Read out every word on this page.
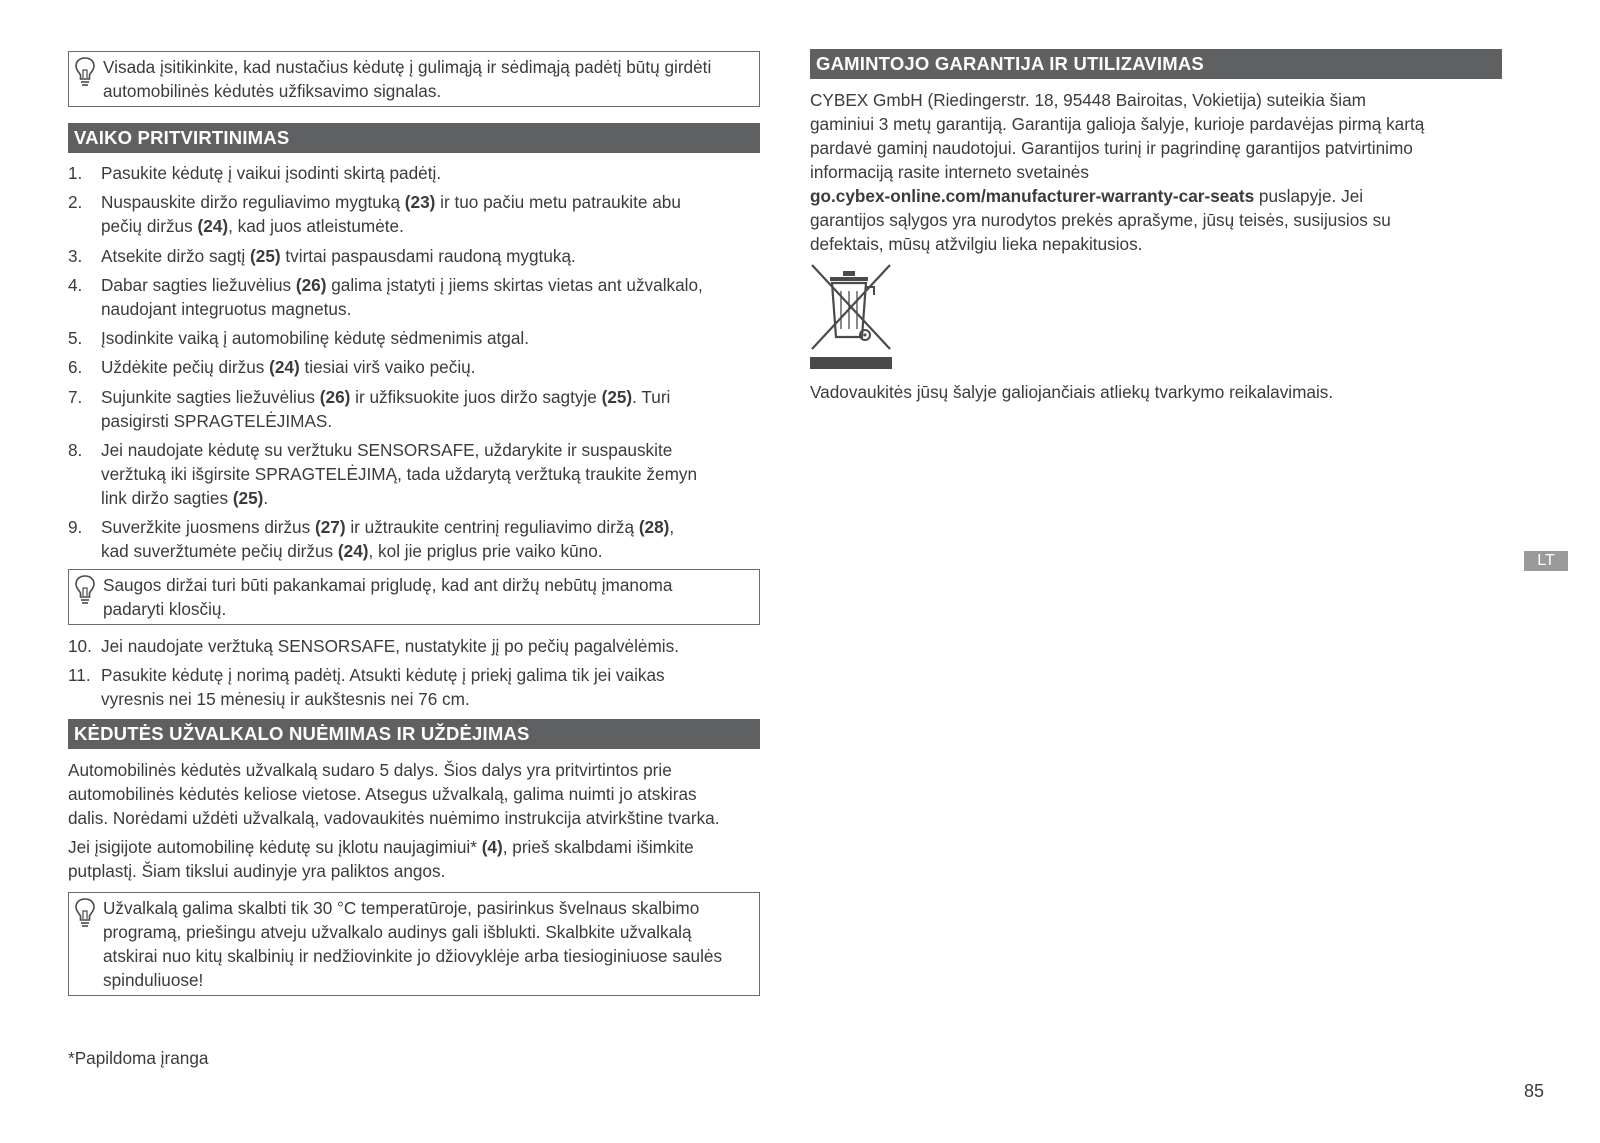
Visada įsitikinkite, kad nustačius kėdutę į gulimąją ir sėdimąją padėtį būtų girdėti
automobilinės kėdutės užfiksavimo signalas.
VAIKO PRITVIRTINIMAS
1. Pasukite kėdutę į vaikui įsodinti skirtą padėtį.
2. Nuspauskite diržo reguliavimo mygtuką (23) ir tuo pačiu metu patraukite abu
pečių diržus (24), kad juos atleistumėte.
3. Atsekite diržo sagtį (25) tvirtai paspausdami raudoną mygtuką.
4. Dabar sagties liežuvėlius (26) galima įstatyti į jiems skirtas vietas ant užvalkalo,
naudojant integruotus magnetus.
5. Įsodinkite vaiką į automobilinę kėdutę sėdmenimis atgal.
6. Uždėkite pečių diržus (24) tiesiai virš vaiko pečių.
7. Sujunkite sagties liežuvėlius (26) ir užfiksuokite juos diržo sagtyje (25). Turi
pasigirsti SPRAGTELĖJIMAS.
8. Jei naudojate kėdutę su veržtuku SENSORSAFE, uždarykite ir suspauskite
veržtuką iki išgirsite SPRAGTELĖJIMĄ, tada uždarytą veržtuką traukite žemyn
link diržo sagties (25).
9. Suveržkite juosmens diržus (27) ir užtraukite centrinį reguliavimo diržą (28),
kad suveržtumėte pečių diržus (24), kol jie priglus prie vaiko kūno.
Saugos diržai turi būti pakankamai prigludę, kad ant diržų nebūtų įmanoma
padaryti klosčių.
10. Jei naudojate veržtuką SENSORSAFE, nustatykite jį po pečių pagalvėlėmis.
11. Pasukite kėdutę į norimą padėtį. Atsukti kėdutę į priekį galima tik jei vaikas
vyresnis nei 15 mėnesių ir aukštesnis nei 76 cm.
KĖDUTĖS UŽVALKALO NUĖMIMAS IR UŽDĖJIMAS
Automobilinės kėdutės užvalkalą sudaro 5 dalys. Šios dalys yra pritvirtintos prie
automobilinės kėdutės keliose vietose. Atsegus užvalkalą, galima nuimti jo atskiras
dalis. Norėdami uždėti užvalkalą, vadovaukitės nuėmimo instrukcija atvirkštine tvarka.
Jei įsigijote automobilinę kėdutę su įklotu naujagimiui* (4), prieš skalbdami išimkite
putplastį. Šiam tikslui audinyje yra paliktos angos.
Užvalkalą galima skalbti tik 30 °C temperatūroje, pasirinkus švelnaus skalbimo
programą, priešingu atveju užvalkalo audinys gali išblukti. Skalbkite užvalkalą
atskirai nuo kitų skalbinių ir nedžiovinkite jo džiovyklėje arba tiesioginiuose saulės
spinduliuose!
*Papildoma įranga
GAMINTOJO GARANTIJA IR UTILIZAVIMAS
CYBEX GmbH (Riedingerstr. 18, 95448 Bairoitas, Vokietija) suteikia šiam
gaminiui 3 metų garantiją. Garantija galioja šalyje, kurioje pardavėjas pirmą kartą
pardavė gaminį naudotojui. Garantijos turinį ir pagrindinę garantijos patvirtinimo
informaciją rasite interneto svetainės
go.cybex-online.com/manufacturer-warranty-car-seats puslapyje. Jei
garantijos sąlygos yra nurodytos prekės aprašyme, jūsų teisės, susijusios su
defektais, mūsų atžvilgiu lieka nepakitusios.
Vadovaukitės jūsų šalyje galiojančiais atliekų tvarkymo reikalavimais.
LT
85
